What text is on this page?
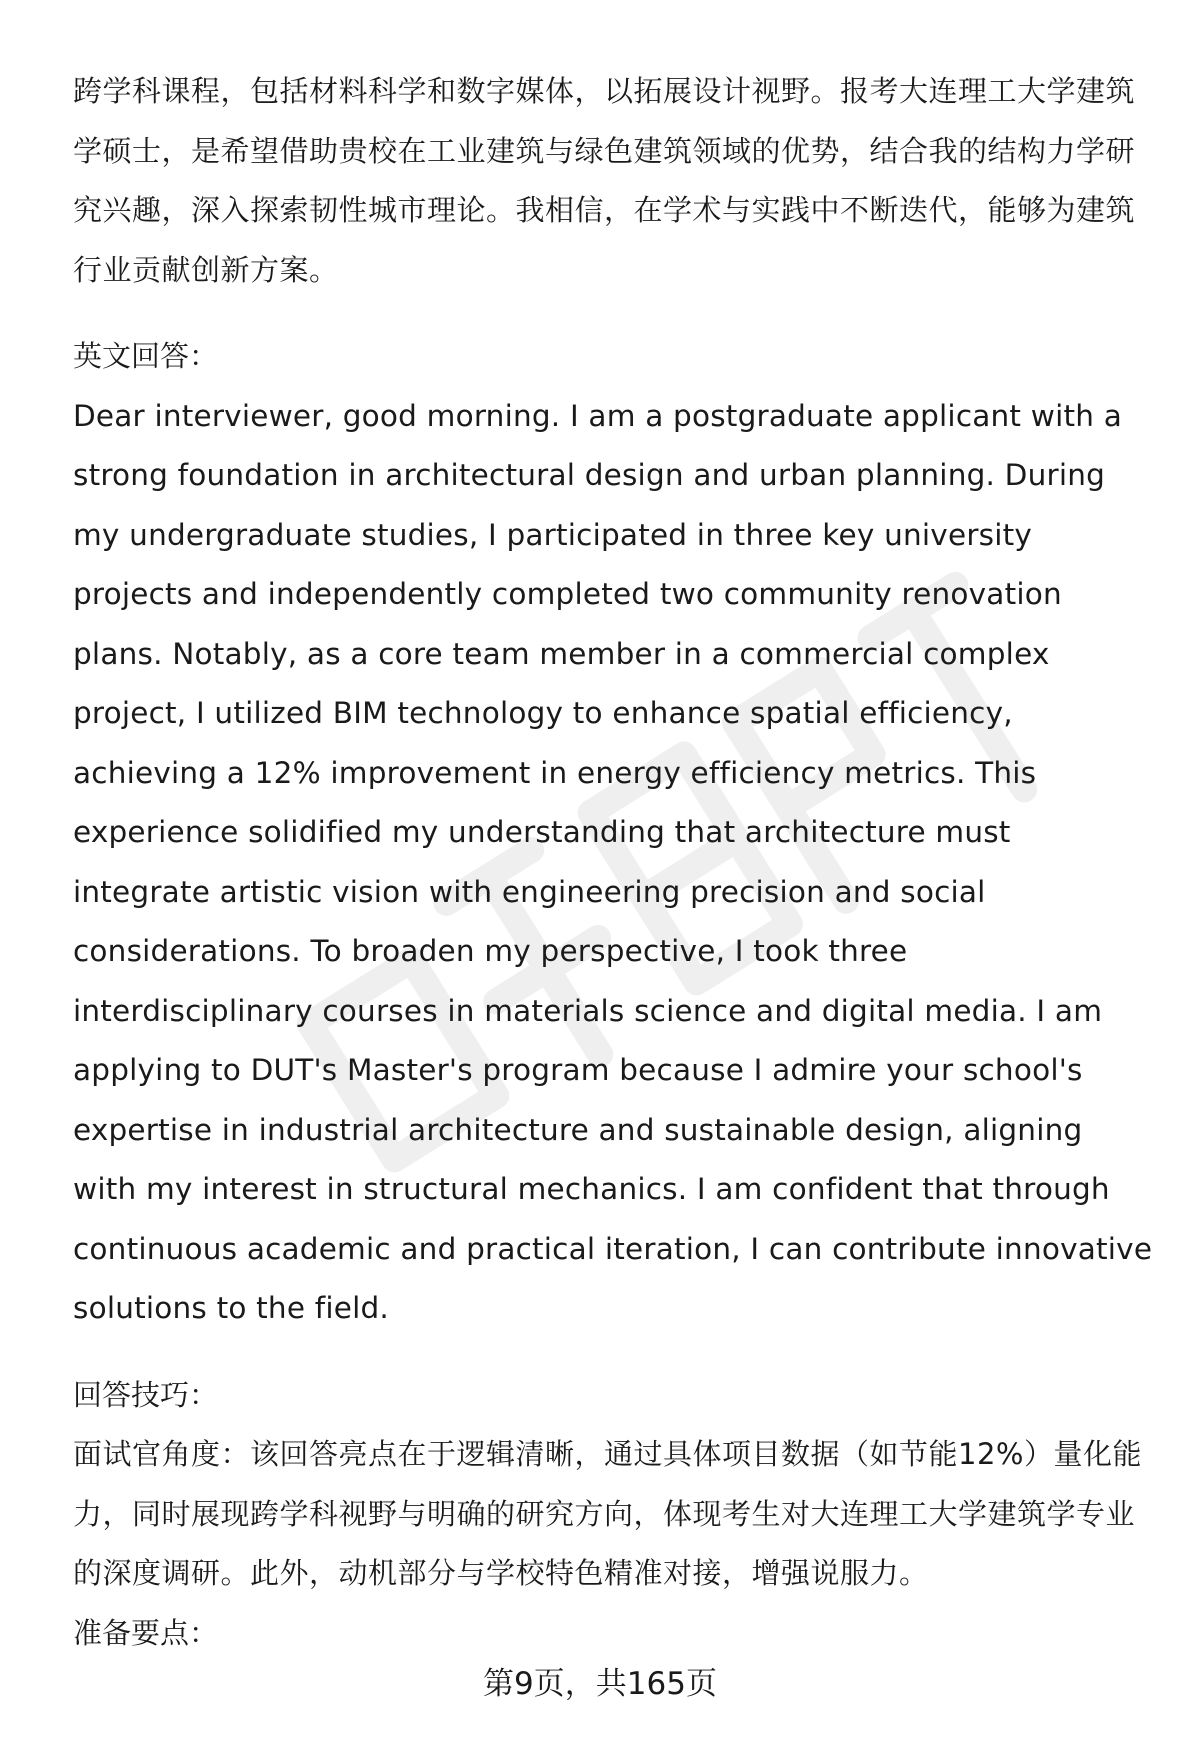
跨学科课程，包括材料科学和数字媒体，以拓展设计视野。报考大连理工大学建筑学硕士，是希望借助贵校在工业建筑与绿色建筑领域的优势，结合我的结构力学研究兴趣，深入探索韧性城市理论。我相信，在学术与实践中不断迭代，能够为建筑行业贡献创新方案。

英文回答：

Dear interviewer, good morning. I am a postgraduate applicant with a strong foundation in architectural design and urban planning. During my undergraduate studies, I participated in three key university projects and independently completed two community renovation plans. Notably, as a core team member in a commercial complex project, I utilized BIM technology to enhance spatial efficiency, achieving a 12% improvement in energy efficiency metrics. This experience solidified my understanding that architecture must integrate artistic vision with engineering precision and social considerations. To broaden my perspective, I took three interdisciplinary courses in materials science and digital media. I am applying to DUT's Master's program because I admire your school's expertise in industrial architecture and sustainable design, aligning with my interest in structural mechanics. I am confident that through continuous academic and practical iteration, I can contribute innovative solutions to the field.

回答技巧：

面试官角度：该回答亮点在于逻辑清晰，通过具体项目数据（如节能12%）量化能力，同时展现跨学科视野与明确的研究方向，体现考生对大连理工大学建筑学专业的深度调研。此外，动机部分与学校特色精准对接，增强说服力。

准备要点：

第9页，共165页
